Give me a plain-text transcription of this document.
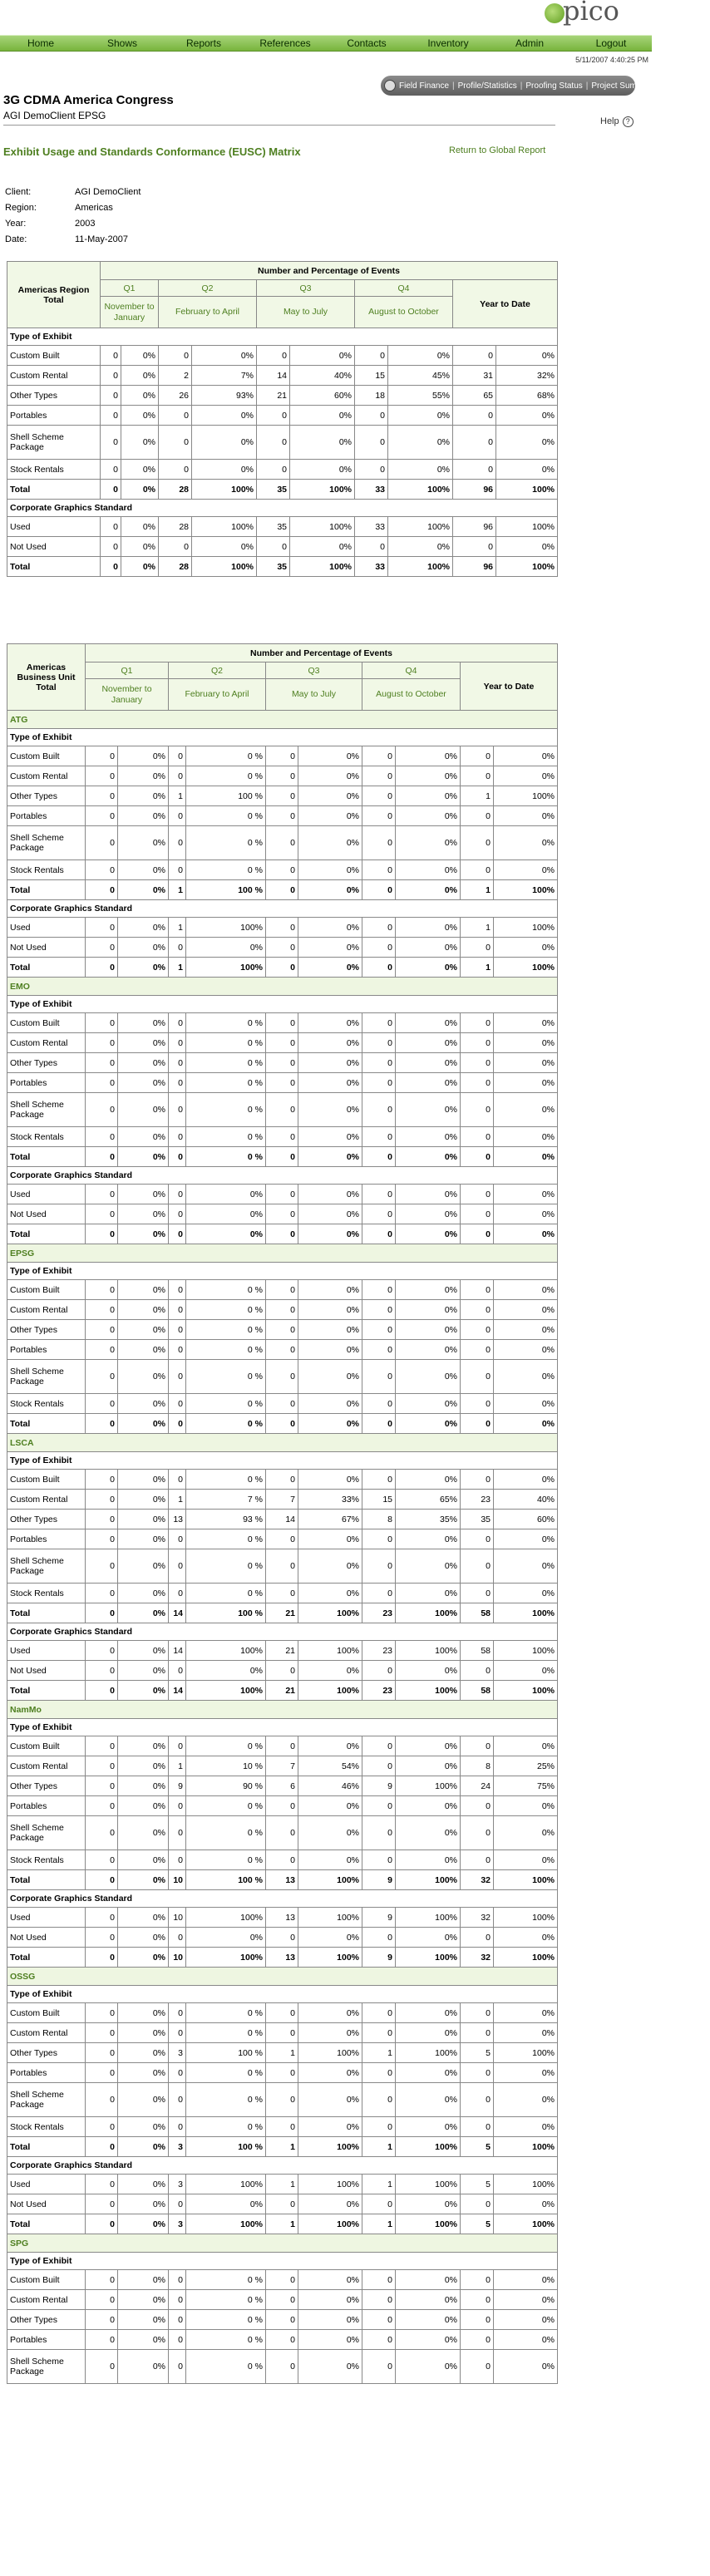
pico
Home	Shows	Reports	References	Contacts	Inventory	Admin	Logout
5/11/2007 4:40:25 PM
Field Finance | Profile/Statistics | Proofing Status | Project Summary
3G CDMA America Congress
AGI DemoClient EPSG	Help ?
Exhibit Usage and Standards Conformance (EUSC) Matrix	Return to Global Report
Client:	AGI DemoClient
Region:	Americas
Year:	2003
Date:	11-May-2007
Americas Region Total	Number and Percentage of Events									
	Q1		Q2		Q3		Q4		Year to Date	
	November to January		February to April		May to July		August to October			
Type of Exhibit										
Custom Built	0	0%	0	0%	0	0%	0	0%	0	0%
Custom Rental	0	0%	2	7%	14	40%	15	45%	31	32%
Other Types	0	0%	26	93%	21	60%	18	55%	65	68%
Portables	0	0%	0	0%	0	0%	0	0%	0	0%
Shell Scheme Package	0	0%	0	0%	0	0%	0	0%	0	0%
Stock Rentals	0	0%	0	0%	0	0%	0	0%	0	0%
Total	0	0%	28	100%	35	100%	33	100%	96	100%
Corporate Graphics Standard										
Used	0	0%	28	100%	35	100%	33	100%	96	100%
Not Used	0	0%	0	0%	0	0%	0	0%	0	0%
Total	0	0%	28	100%	35	100%	33	100%	96	100%
Americas Business Unit Total	Number and Percentage of Events									
	Q1		Q2		Q3		Q4		Year to Date	
	November to January		February to April		May to July		August to October			
ATG										
Type of Exhibit										
Custom Built	0	0%	0	0 %	0	0%	0	0%	0	0%
Custom Rental	0	0%	0	0 %	0	0%	0	0%	0	0%
Other Types	0	0%	1	100 %	0	0%	0	0%	1	100%
Portables	0	0%	0	0 %	0	0%	0	0%	0	0%
Shell Scheme Package	0	0%	0	0 %	0	0%	0	0%	0	0%
Stock Rentals	0	0%	0	0 %	0	0%	0	0%	0	0%
Total	0	0%	1	100 %	0	0%	0	0%	1	100%
Corporate Graphics Standard										
Used	0	0%	1	100%	0	0%	0	0%	1	100%
Not Used	0	0%	0	0%	0	0%	0	0%	0	0%
Total	0	0%	1	100%	0	0%	0	0%	1	100%
EMO										
Type of Exhibit										
Custom Built	0	0%	0	0 %	0	0%	0	0%	0	0%
Custom Rental	0	0%	0	0 %	0	0%	0	0%	0	0%
Other Types	0	0%	0	0 %	0	0%	0	0%	0	0%
Portables	0	0%	0	0 %	0	0%	0	0%	0	0%
Shell Scheme Package	0	0%	0	0 %	0	0%	0	0%	0	0%
Stock Rentals	0	0%	0	0 %	0	0%	0	0%	0	0%
Total	0	0%	0	0 %	0	0%	0	0%	0	0%
Corporate Graphics Standard										
Used	0	0%	0	0%	0	0%	0	0%	0	0%
Not Used	0	0%	0	0%	0	0%	0	0%	0	0%
Total	0	0%	0	0%	0	0%	0	0%	0	0%
EPSG										
Type of Exhibit										
Custom Built	0	0%	0	0 %	0	0%	0	0%	0	0%
Custom Rental	0	0%	0	0 %	0	0%	0	0%	0	0%
Other Types	0	0%	0	0 %	0	0%	0	0%	0	0%
Portables	0	0%	0	0 %	0	0%	0	0%	0	0%
Shell Scheme Package	0	0%	0	0 %	0	0%	0	0%	0	0%
Stock Rentals	0	0%	0	0 %	0	0%	0	0%	0	0%
Total	0	0%	0	0 %	0	0%	0	0%	0	0%
LSCA										
Type of Exhibit										
Custom Built	0	0%	0	0 %	0	0%	0	0%	0	0%
Custom Rental	0	0%	1	7 %	7	33%	15	65%	23	40%
Other Types	0	0%	13	93 %	14	67%	8	35%	35	60%
Portables	0	0%	0	0 %	0	0%	0	0%	0	0%
Shell Scheme Package	0	0%	0	0 %	0	0%	0	0%	0	0%
Stock Rentals	0	0%	0	0 %	0	0%	0	0%	0	0%
Total	0	0%	14	100 %	21	100%	23	100%	58	100%
Corporate Graphics Standard										
Used	0	0%	14	100%	21	100%	23	100%	58	100%
Not Used	0	0%	0	0%	0	0%	0	0%	0	0%
Total	0	0%	14	100%	21	100%	23	100%	58	100%
NamMo										
Type of Exhibit										
Custom Built	0	0%	0	0 %	0	0%	0	0%	0	0%
Custom Rental	0	0%	1	10 %	7	54%	0	0%	8	25%
Other Types	0	0%	9	90 %	6	46%	9	100%	24	75%
Portables	0	0%	0	0 %	0	0%	0	0%	0	0%
Shell Scheme Package	0	0%	0	0 %	0	0%	0	0%	0	0%
Stock Rentals	0	0%	0	0 %	0	0%	0	0%	0	0%
Total	0	0%	10	100 %	13	100%	9	100%	32	100%
Corporate Graphics Standard										
Used	0	0%	10	100%	13	100%	9	100%	32	100%
Not Used	0	0%	0	0%	0	0%	0	0%	0	0%
Total	0	0%	10	100%	13	100%	9	100%	32	100%
OSSG										
Type of Exhibit										
Custom Built	0	0%	0	0 %	0	0%	0	0%	0	0%
Custom Rental	0	0%	0	0 %	0	0%	0	0%	0	0%
Other Types	0	0%	3	100 %	1	100%	1	100%	5	100%
Portables	0	0%	0	0 %	0	0%	0	0%	0	0%
Shell Scheme Package	0	0%	0	0 %	0	0%	0	0%	0	0%
Stock Rentals	0	0%	0	0 %	0	0%	0	0%	0	0%
Total	0	0%	3	100 %	1	100%	1	100%	5	100%
Corporate Graphics Standard										
Used	0	0%	3	100%	1	100%	1	100%	5	100%
Not Used	0	0%	0	0%	0	0%	0	0%	0	0%
Total	0	0%	3	100%	1	100%	1	100%	5	100%
SPG										
Type of Exhibit										
Custom Built	0	0%	0	0 %	0	0%	0	0%	0	0%
Custom Rental	0	0%	0	0 %	0	0%	0	0%	0	0%
Other Types	0	0%	0	0 %	0	0%	0	0%	0	0%
Portables	0	0%	0	0 %	0	0%	0	0%	0	0%
Shell Scheme Package	0	0%	0	0 %	0	0%	0	0%	0	0%
